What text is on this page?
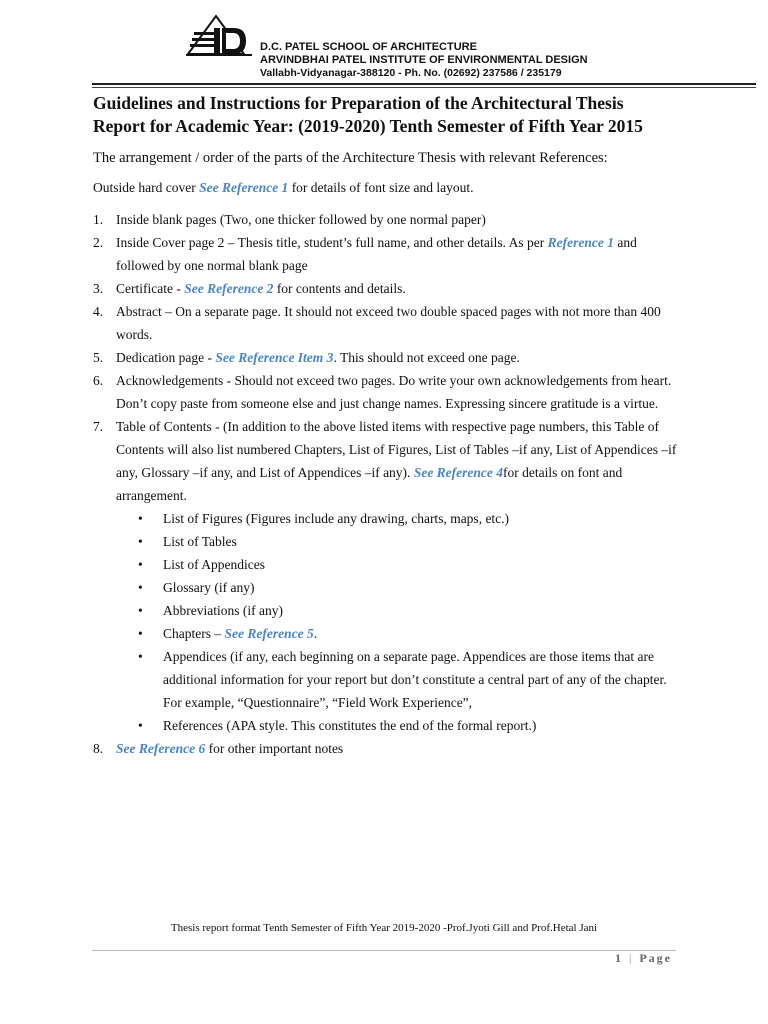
D.C. PATEL SCHOOL OF ARCHITECTURE
ARVINDBHAI PATEL INSTITUTE OF ENVIRONMENTAL DESIGN
Vallabh-Vidyanagar-388120 - Ph. No. (02692) 237586 / 235179
Guidelines and Instructions for Preparation of the Architectural Thesis
Report for Academic Year: (2019-2020) Tenth Semester of Fifth Year 2015
The arrangement / order of the parts of the Architecture Thesis with relevant References:
Outside hard cover See Reference 1 for details of font size and layout.
1. Inside blank pages (Two, one thicker followed by one normal paper)
2. Inside Cover page 2 – Thesis title, student’s full name, and other details. As per Reference 1 and followed by one normal blank page
3. Certificate - See Reference 2 for contents and details.
4. Abstract – On a separate page. It should not exceed two double spaced pages with not more than 400 words.
5. Dedication page - See Reference Item 3. This should not exceed one page.
6. Acknowledgements - Should not exceed two pages. Do write your own acknowledgements from heart. Don’t copy paste from someone else and just change names. Expressing sincere gratitude is a virtue.
7. Table of Contents - (In addition to the above listed items with respective page numbers, this Table of Contents will also list numbered Chapters, List of Figures, List of Tables –if any, List of Appendices –if any, Glossary –if any, and List of Appendices –if any). See Reference 4for details on font and arrangement.
• List of Figures (Figures include any drawing, charts, maps, etc.)
• List of Tables
• List of Appendices
• Glossary (if any)
• Abbreviations (if any)
• Chapters – See Reference 5.
• Appendices (if any, each beginning on a separate page. Appendices are those items that are additional information for your report but don’t constitute a central part of any of the chapter. For example, “Questionnaire”, “Field Work Experience”,
• References (APA style. This constitutes the end of the formal report.)
8. See Reference 6 for other important notes
Thesis report format Tenth Semester of Fifth Year 2019-2020 -Prof.Jyoti Gill and Prof.Hetal Jani
1 | Page
